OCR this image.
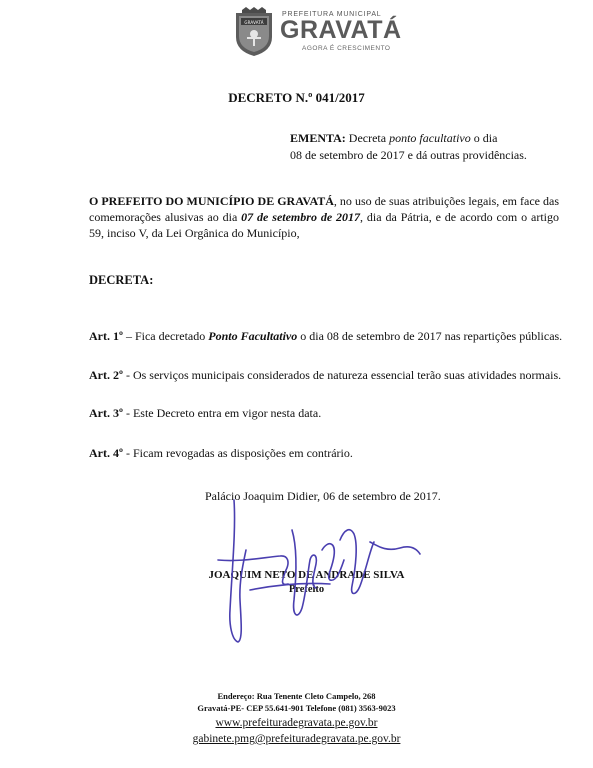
GRAVATÁ
PREFEITURA MUNICIPAL
GRAVATÁ
AGORA É CRESCIMENTO
DECRETO N.º 041/2017
EMENTA: Decreta ponto facultativo o dia
08 de setembro de 2017 e dá outras providências.
O PREFEITO DO MUNICÍPIO DE GRAVATÁ, no uso de suas atribuições legais, em face das comemorações alusivas ao dia 07 de setembro de 2017, dia da Pátria, e de acordo com o artigo 59, inciso V, da Lei Orgânica do Município,
DECRETA:
Art. 1º – Fica decretado Ponto Facultativo o dia 08 de setembro de 2017 nas repartições públicas.
Art. 2º - Os serviços municipais considerados de natureza essencial terão suas atividades normais.
Art. 3º - Este Decreto entra em vigor nesta data.
Art. 4º - Ficam revogadas as disposições em contrário.
Palácio Joaquim Didier, 06 de setembro de 2017.
JOAQUIM NETO DE ANDRADE SILVA
Prefeito
Endereço: Rua Tenente Cleto Campelo, 268
Gravatá-PE- CEP 55.641-901 Telefone (081) 3563-9023
www.prefeituradegravata.pe.gov.br
gabinete.pmg@prefeituradegravata.pe.gov.br
